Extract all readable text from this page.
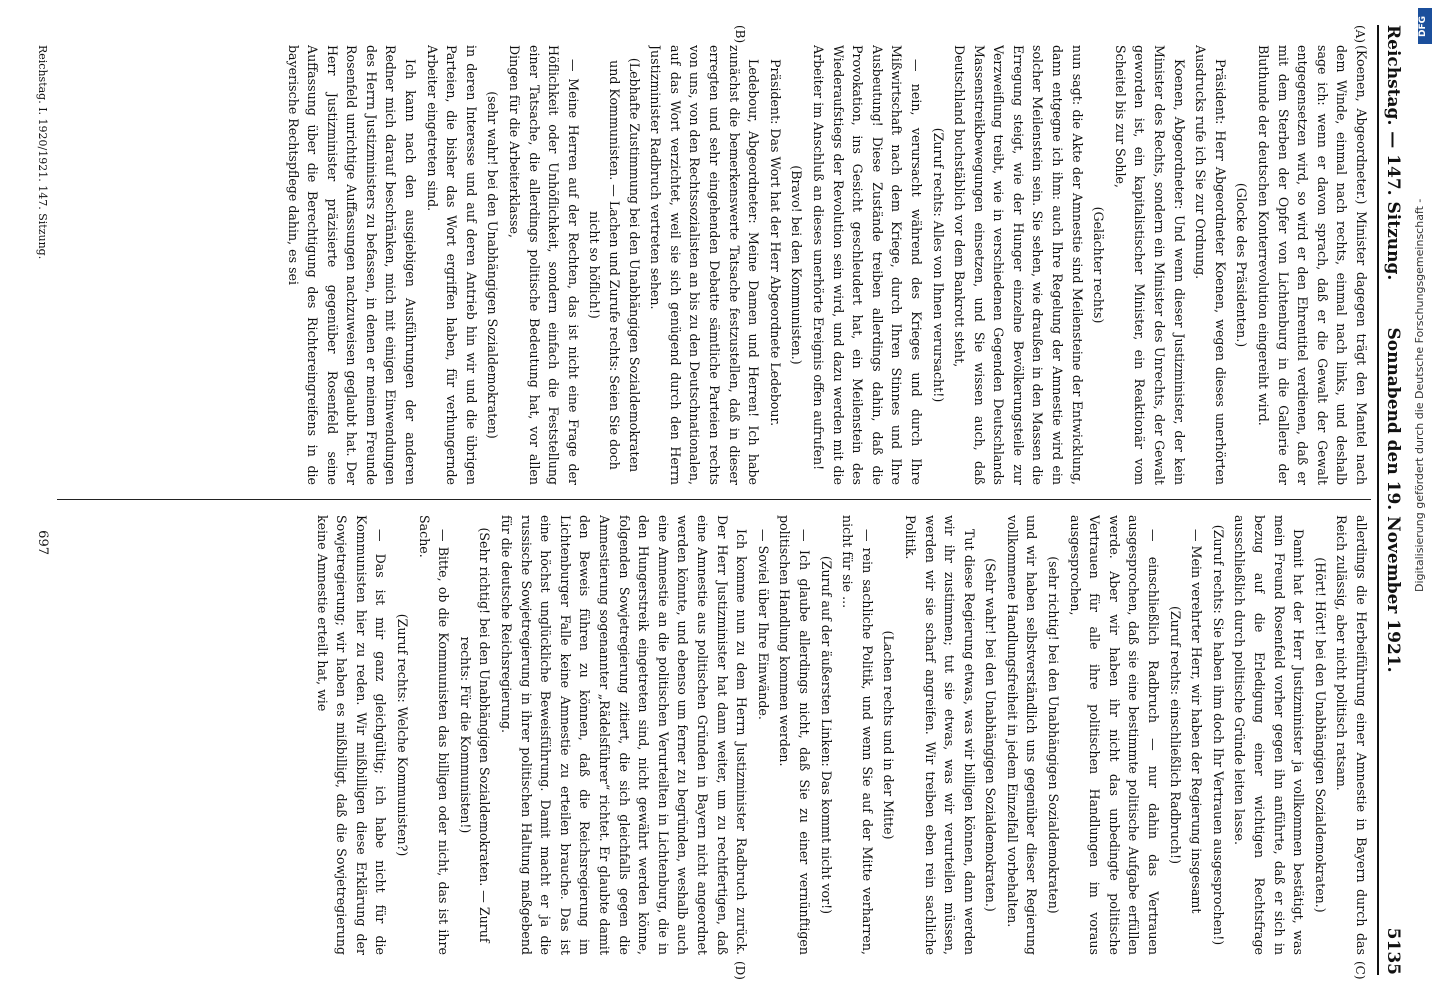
Digitalisierung gefördert durch die Deutsche Forschungsgemeinschaft -
DFG
Reichstag. — 147. Sitzung.
Sonnabend den 19. November 1921.
5135
(A)
(B)
(C)
(D)

(Koenen, Abgeordneter.) Minister dagegen trägt den Mantel nach dem Winde, einmal nach rechts, einmal nach links, und deshalb sage ich: wenn er davon sprach, daß er die Gewalt der Gewalt entgegensetzen wird, so wird er den Ehrentitel verdienen, daß er mit dem Sterben der Opfer von Lichtenburg in die Gallerie der Bluthunde der deutschen Konterrevolution eingereiht wird.

(Glocke des Präsidenten.)

Präsident: Herr Abgeordneter Koenen, wegen dieses unerhörten Ausdrucks rufe ich Sie zur Ordnung.

Koenen, Abgeordneter: Und wenn dieser Justizminister, der kein Minister des Rechts, sondern ein Minister des Unrechts, der Gewalt geworden ist, ein kapitalistischer Minister, ein Reaktionär vom Scheitel bis zur Sohle,

(Gelächter rechts)

nun sagt: die Akte der Amnestie sind Meilensteine der Entwicklung, dann entgegne ich ihm: auch Ihre Regelung der Amnestie wird ein solcher Meilenstein sein. Sie sehen, wie draußen in den Massen die Erregung steigt, wie der Hunger einzelne Bevölkerungsteile zur Verzweiflung treibt, wie in verschiedenen Gegenden Deutschlands Massenstreikbewegungen einsetzen, und Sie wissen auch, daß Deutschland buchstäblich vor dem Bankrott steht,

(Zuruf rechts: Alles von Ihnen verursacht!)

— nein, verursacht während des Krieges und durch Ihre Mißwirtschaft nach dem Kriege, durch Ihren Stinnes und Ihre Ausbeutung! Diese Zustände treiben allerdings dahin, daß die Provokation, ins Gesicht geschleudert hat, ein Meilenstein des Wiederaufstiegs der Revolution sein wird, und dazu werden mit die Arbeiter im Anschluß an dieses unerhörte Ereignis offen aufrufen!

(Bravo! bei den Kommunisten.)

Präsident: Das Wort hat der Herr Abgeordnete Ledebour.

Ledebour, Abgeordneter: Meine Damen und Herren! Ich habe zunächst die bemerkenswerte Tatsache festzustellen, daß in dieser erregten und sehr eingehenden Debatte sämtliche Parteien rechts von uns, von den Rechtssozialisten an bis zu den Deutschnationalen, auf das Wort verzichtet, weil sie sich genügend durch den Herrn Justizminister Radbruch vertreten sehen.

(Lebhafte Zustimmung bei den Unabhängigen Sozialdemokraten und Kommunisten. — Lachen und Zurufe rechts: Seien Sie doch nicht so höflich!)

— Meine Herren auf der Rechten, das ist nicht eine Frage der Höflichkeit oder Unhöflichkeit, sondern einfach die Feststellung einer Tatsache, die allerdings politische Bedeutung hat, vor allen Dingen für die Arbeiterklasse,

(sehr wahr! bei den Unabhängigen Sozialdemokraten)

in deren Interesse und auf deren Antrieb hin wir und die übrigen Parteien, die bisher das Wort ergriffen haben, für verhungernde Arbeiter eingetreten sind.

Ich kann nach den ausgiebigen Ausführungen der anderen Redner mich darauf beschränken, mich mit einigen Einwendungen des Herrn Justizministers zu befassen, in denen er meinem Freunde Rosenfeld unrichtige Auffassungen nachzuweisen geglaubt hat. Der Herr Justizminister präzisierte gegenüber Rosenfeld seine Auffassung über die Berechtigung des Richtereingreifens in die bayerische Rechtspflege dahin, es sei

allerdings die Herbeiführung einer Amnestie in Bayern durch das Reich zulässig, aber nicht politisch ratsam.

(Hört! Hört! bei den Unabhängigen Sozialdemokraten.)

Damit hat der Herr Justizminister ja vollkommen bestätigt, was mein Freund Rosenfeld vorher gegen ihn anführte, daß er sich in bezug auf die Erledigung einer wichtigen Rechtsfrage ausschließlich durch politische Gründe leiten lasse.

(Zuruf rechts: Sie haben ihm doch Ihr Vertrauen ausgesprochen!)

— Mein verehrter Herr, wir haben der Regierung insgesamt

(Zuruf rechts: einschließlich Radbruch!)

— einschließlich Radbruch — nur dahin das Vertrauen ausgesprochen, daß sie eine bestimmte politische Aufgabe erfüllen werde. Aber wir haben ihr nicht das unbedingte politische Vertrauen für alle ihre politischen Handlungen im voraus ausgesprochen,

(sehr richtig! bei den Unabhängigen Sozialdemokraten)

und wir haben selbstverständlich uns gegenüber dieser Regierung vollkommene Handlungsfreiheit in jedem Einzelfall vorbehalten.

(Sehr wahr! bei den Unabhängigen Sozialdemokraten.)

Tut diese Regierung etwas, was wir billigen können, dann werden wir ihr zustimmen; tut sie etwas, was wir verurteilen müssen, werden wir sie scharf angreifen. Wir treiben eben rein sachliche Politik.

(Lachen rechts und in der Mitte)

— rein sachliche Politik, und wenn Sie auf der Mitte verharren, nicht für sie ...

(Zuruf auf der äußersten Linken: Das kommt nicht vor!)

— Ich glaube allerdings nicht, daß Sie zu einer vernünftigen politischen Handlung kommen werden.

— Soviel über Ihre Einwände.

Ich komme nun zu dem Herrn Justizminister Radbruch zurück. Der Herr Justizminister hat dann weiter, um zu rechtfertigen, daß eine Amnestie aus politischen Gründen in Bayern nicht angeordnet werden könnte, und ebenso um ferner zu begründen, weshalb auch eine Amnestie an die politischen Verurteilten in Lichtenburg, die in den Hungerstreik eingetreten sind, nicht gewährt werden könne, folgenden Sowjetregierung zitiert, die sich gleichfalls gegen die Amnestierung sogenannter „Rädelsführer“ richtet. Er glaubte damit den Beweis führen zu können, daß die Reichsregierung im Lichtenburger Falle keine Amnestie zu erteilen brauche. Das ist eine höchst unglückliche Beweisführung. Damit macht er ja die russische Sowjetregierung in ihrer politischen Haltung maßgebend für die deutsche Reichsregierung.

(Sehr richtig! bei den Unabhängigen Sozialdemokraten. — Zuruf rechts: Für die Kommunisten!)

— Bitte, ob die Kommunisten das billigen oder nicht, das ist ihre Sache.

(Zuruf rechts: Welche Kommunisten?)

— Das ist mir ganz gleichgültig; ich habe nicht für die Kommunisten hier zu reden. Wir mißbilligen diese Erklärung der Sowjetregierung; wir haben es mißbilligt, daß die Sowjetregierung keine Amnestie erteilt hat, wie

Reichstag. I. 1920/1921. 147. Sitzung.
697
